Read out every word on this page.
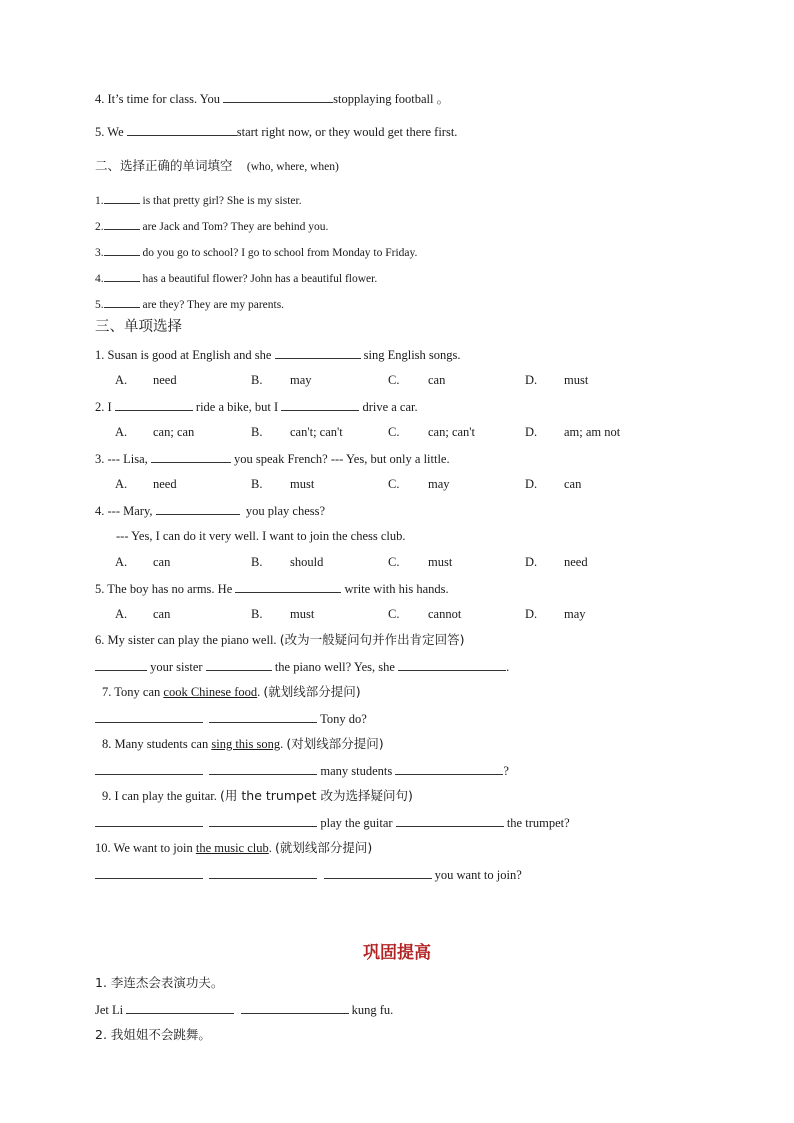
4. It’s time for class. You	stopplaying football 。
5. We	start right now, or they would get there first.
二、选择正确的单词填空 (who, where, when)
1.	is that pretty girl? She is my sister.
2.	are Jack and Tom? They are behind you.
3.	do you go to school? I go to school from Monday to Friday.
4.	has a beautiful flower? John has a beautiful flower.
5.	are they? They are my parents.
三、单项选择
1. Susan is good at English and she	sing English songs.
A. need	B. may	C. can	D. must
2. I	ride a bike, but I	drive a car.
A. can; can	B. can't; can't	C. can; can't	D. am; am not
3. --- Lisa,	you speak French? --- Yes, but only a little.
A. need	B. must	C. may	D. can
4. --- Mary,	you play chess?
--- Yes, I can do it very well. I want to join the chess club.
A. can	B. should	C. must	D. need
5. The boy has no arms. He	write with his hands.
A. can	B. must	C. cannot	D. may
6. My sister can play the piano well. (改为一般疑问句并作出肯定回答)
your sister	the piano well? Yes, she	.
7. Tony can cook Chinese food. (就划线部分提问)
Tony do?
8. Many students can sing this song. (对划线部分提问)
many students	?
9. I can play the guitar. (用 the trumpet 改为选择疑问句)
play the guitar	the trumpet?
10. We want to join the music club. (就划线部分提问)
you want to join?
巩固提高
1. 李连杰会表演功夫。
Jet Li	kung fu.
2. 我姐姐不会跳舞。
